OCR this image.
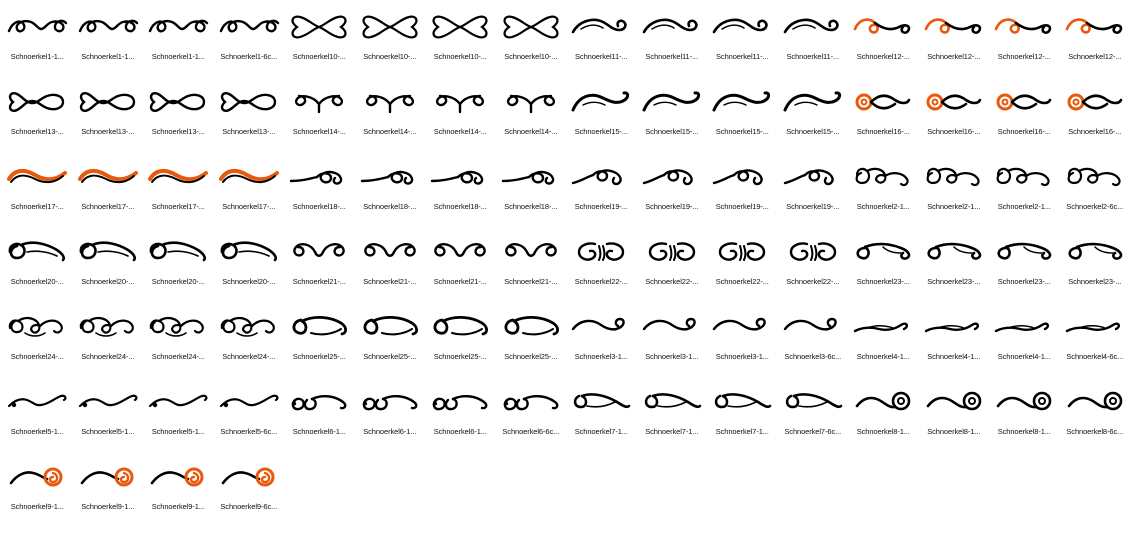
Schnoerkel1-1... Schnoerkel1-1... Schnoerkel1-1... Schnoerkel1-6c... Schnoerkel10-... Schnoerkel10-... Schnoerkel10-... Schnoerkel10-... Schnoerkel11-... Schnoerkel11-... Schnoerkel11-... Schnoerkel11-... Schnoerkel12-... Schnoerkel12-... Schnoerkel12-... Schnoerkel12-...
Schnoerkel13-... Schnoerkel13-... Schnoerkel13-... Schnoerkel13-... Schnoerkel14-... Schnoerkel14-... Schnoerkel14-... Schnoerkel14-... Schnoerkel15-... Schnoerkel15-... Schnoerkel15-... Schnoerkel15-... Schnoerkel16-... Schnoerkel16-... Schnoerkel16-... Schnoerkel16-...
Schnoerkel17-... Schnoerkel17-... Schnoerkel17-... Schnoerkel17-... Schnoerkel18-... Schnoerkel18-... Schnoerkel18-... Schnoerkel18-... Schnoerkel19-... Schnoerkel19-... Schnoerkel19-... Schnoerkel19-... Schnoerkel2-1... Schnoerkel2-1... Schnoerkel2-1... Schnoerkel2-6c...
Schnoerkel20-... Schnoerkel20-... Schnoerkel20-... Schnoerkel20-... Schnoerkel21-... Schnoerkel21-... Schnoerkel21-... Schnoerkel21-... Schnoerkel22-... Schnoerkel22-... Schnoerkel22-... Schnoerkel22-... Schnoerkel23-... Schnoerkel23-... Schnoerkel23-... Schnoerkel23-...
Schnoerkel24-... Schnoerkel24-... Schnoerkel24-... Schnoerkel24-... Schnoerkel25-... Schnoerkel25-... Schnoerkel25-... Schnoerkel25-... Schnoerkel3-1... Schnoerkel3-1... Schnoerkel3-1... Schnoerkel3-6c... Schnoerkel4-1... Schnoerkel4-1... Schnoerkel4-1... Schnoerkel4-6c...
Schnoerkel5-1... Schnoerkel5-1... Schnoerkel5-1... Schnoerkel5-6c... Schnoerkel6-1... Schnoerkel6-1... Schnoerkel6-1... Schnoerkel6-6c... Schnoerkel7-1... Schnoerkel7-1... Schnoerkel7-1... Schnoerkel7-6c... Schnoerkel8-1... Schnoerkel8-1... Schnoerkel8-1... Schnoerkel8-6c...
Schnoerkel9-1... Schnoerkel9-1... Schnoerkel9-1... Schnoerkel9-6c...
